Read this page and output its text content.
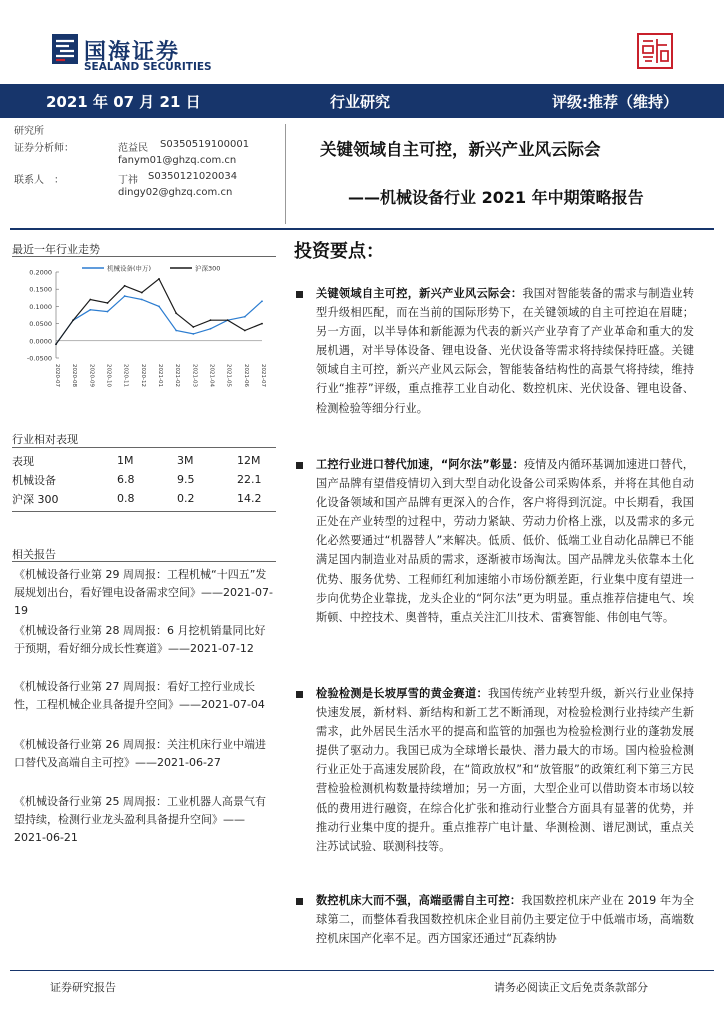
国海证券
SEALAND SECURITIES
2021 年 07 月 21 日	行业研究	评级:推荐（维持）
研究所
证券分析师：	范益民 S0350519100001
fanym01@ghzq.com.cn
联系人　：	丁祎 S0350121020034
dingy02@ghzq.com.cn
关键领域自主可控，新兴产业风云际会
——机械设备行业 2021 年中期策略报告
最近一年行业走势
0.2000
0.1500
0.1000
0.0500
0.0000
-0.0500
2020-07 2020-08 2020-09 2020-10 2020-11 2020-12 2021-01 2021-02 2021-03 2021-04 2021-05 2021-06 2021-07
机械设备(申万)	沪深300
行业相对表现
表现	1M	3M	12M
机械设备	6.8	9.5	22.1
沪深 300	0.8	0.2	14.2
相关报告
《机械设备行业第 29 周周报：工程机械“十四五”发展规划出台，看好锂电设备需求空间》——2021-07-19
《机械设备行业第 28 周周报：6 月挖机销量同比好于预期，看好细分成长性赛道》——2021-07-12
《机械设备行业第 27 周周报：看好工控行业成长性，工程机械企业具备提升空间》——2021-07-04
《机械设备行业第 26 周周报：关注机床行业中端进口替代及高端自主可控》——2021-06-27
《机械设备行业第 25 周周报：工业机器人高景气有望持续，检测行业龙头盈利具备提升空间》——2021-06-21
投资要点：
关键领域自主可控，新兴产业风云际会：我国对智能装备的需求与制造业转型升级相匹配，而在当前的国际形势下，在关键领域的自主可控迫在眉睫；另一方面，以半导体和新能源为代表的新兴产业孕育了产业革命和重大的发展机遇，对半导体设备、锂电设备、光伏设备等需求将持续保持旺盛。关键领域自主可控，新兴产业风云际会，智能装备结构性的高景气将持续，维持行业“推荐”评级，重点推荐工业自动化、数控机床、光伏设备、锂电设备、检测检验等细分行业。
工控行业进口替代加速，“阿尔法”彰显：疫情及内循环基调加速进口替代，国产品牌有望借疫情切入到大型自动化设备公司采购体系，并将在其他自动化设备领域和国产品牌有更深入的合作，客户将得到沉淀。中长期看，我国正处在产业转型的过程中，劳动力紧缺、劳动力价格上涨，以及需求的多元化必然要通过“机器替人”来解决。低质、低价、低端工业自动化品牌已不能满足国内制造业对品质的需求，逐渐被市场淘汰。国产品牌龙头依靠本土化优势、服务优势、工程师红利加速缩小市场份额差距，行业集中度有望进一步向优势企业靠拢，龙头企业的“阿尔法”更为明显。重点推荐信捷电气、埃斯顿、中控技术、奥普特，重点关注汇川技术、雷赛智能、伟创电气等。
检验检测是长坡厚雪的黄金赛道：我国传统产业转型升级，新兴行业业保持快速发展，新材料、新结构和新工艺不断涌现，对检验检测行业持续产生新需求，此外居民生活水平的提高和监管的加强也为检验检测行业的蓬勃发展提供了驱动力。我国已成为全球增长最快、潜力最大的市场。国内检验检测行业正处于高速发展阶段，在“简政放权”和“放管服”的政策红利下第三方民营检验检测机构数量持续增加；另一方面，大型企业可以借助资本市场以较低的费用进行融资，在综合化扩张和推动行业整合方面具有显著的优势，并推动行业集中度的提升。重点推荐广电计量、华测检测、谱尼测试，重点关注苏试试验、联测科技等。
数控机床大而不强，高端亟需自主可控：我国数控机床产业在 2019 年为全球第二，而整体看我国数控机床企业目前仍主要定位于中低端市场，高端数控机床国产化率不足。西方国家还通过“瓦森纳协
证券研究报告	请务必阅读正文后免责条款部分
